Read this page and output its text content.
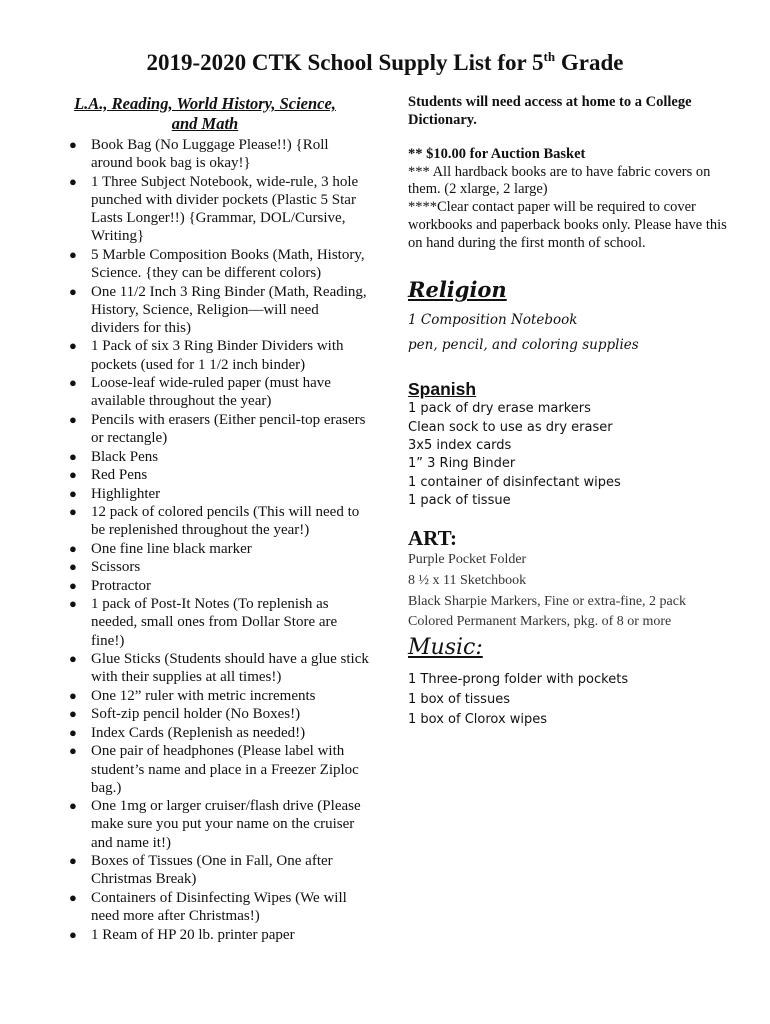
2019-2020 CTK School Supply List for 5th Grade
L.A., Reading, World History, Science,
and Math
● Book Bag (No Luggage Please!!) {Roll around book bag is okay!}
● 1 Three Subject Notebook, wide-rule, 3 hole punched with divider pockets (Plastic 5 Star Lasts Longer!!) {Grammar, DOL/Cursive, Writing}
● 5 Marble Composition Books (Math, History, Science. {they can be different colors)
● One 11/2 Inch 3 Ring Binder (Math, Reading, History, Science, Religion—will need dividers for this)
● 1 Pack of six 3 Ring Binder Dividers with pockets (used for 1 1/2 inch binder)
● Loose-leaf wide-ruled paper (must have available throughout the year)
● Pencils with erasers (Either pencil-top erasers or rectangle)
● Black Pens
● Red Pens
● Highlighter
● 12 pack of colored pencils (This will need to be replenished throughout the year!)
● One fine line black marker
● Scissors
● Protractor
● 1 pack of Post-It Notes (To replenish as needed, small ones from Dollar Store are fine!)
● Glue Sticks (Students should have a glue stick with their supplies at all times!)
● One 12” ruler with metric increments
● Soft-zip pencil holder (No Boxes!)
● Index Cards (Replenish as needed!)
● One pair of headphones (Please label with student’s name and place in a Freezer Ziploc bag.)
● One 1mg or larger cruiser/flash drive (Please make sure you put your name on the cruiser and name it!)
● Boxes of Tissues (One in Fall, One after Christmas Break)
● Containers of Disinfecting Wipes (We will need more after Christmas!)
● 1 Ream of HP 20 lb. printer paper

Students will need access at home to a College Dictionary.

** $10.00 for Auction Basket

*** All hardback books are to have fabric covers on them. (2 xlarge, 2 large)

****Clear contact paper will be required to cover workbooks and paperback books only. Please have this on hand during the first month of school.

Religion

1 Composition Notebook

pen, pencil, and coloring supplies

Spanish

1 pack of dry erase markers

Clean sock to use as dry eraser

3x5 index cards

1” 3 Ring Binder

1 container of disinfectant wipes

1 pack of tissue

ART:

Purple Pocket Folder

8 ½ x 11 Sketchbook

Black Sharpie Markers, Fine or extra-fine, 2 pack

Colored Permanent Markers, pkg. of 8 or more

Music:

1 Three-prong folder with pockets

1 box of tissues

1 box of Clorox wipes
